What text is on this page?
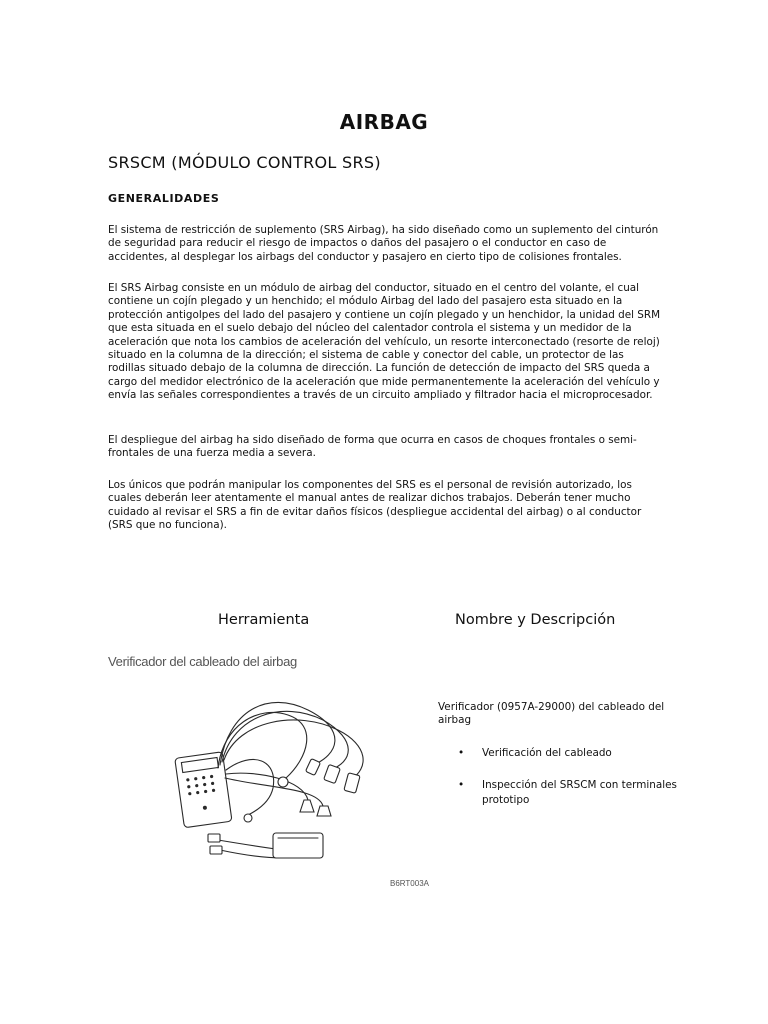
AIRBAG
SRSCM (MÓDULO CONTROL SRS)
GENERALIDADES

El sistema de restricción de suplemento (SRS Airbag), ha sido diseñado como un suplemento del cinturón de seguridad para reducir el riesgo de impactos o daños del pasajero o el conductor en caso de accidentes, al desplegar los airbags del conductor y pasajero en cierto tipo de colisiones frontales.

El SRS Airbag consiste en un módulo de airbag del conductor, situado en el centro del volante, el cual contiene un cojín plegado y un henchido; el módulo Airbag del lado del pasajero esta situado en la protección antigolpes del lado del pasajero y contiene un cojín plegado y un henchidor, la unidad del SRM que esta situada en el suelo debajo del núcleo del calentador controla el sistema y un medidor de la aceleración que nota los cambios de aceleración del vehículo, un resorte interconectado (resorte de reloj) situado en la columna de la dirección; el sistema de cable y conector del cable, un protector de las rodillas situado debajo de la columna de dirección. La función de detección de impacto del SRS queda a cargo del medidor electrónico de la aceleración que mide permanentemente la aceleración del vehículo y envía las señales correspondientes a través de un circuito ampliado y filtrador hacia el microprocesador.

El despliegue del airbag ha sido diseñado de forma que ocurra en casos de choques frontales o semi-frontales de una fuerza media a severa.

Los únicos que podrán manipular los componentes del SRS es el personal de revisión autorizado, los cuales deberán leer atentamente el manual antes de realizar dichos trabajos. Deberán tener mucho cuidado al revisar el SRS a fin de evitar daños físicos (despliegue accidental del airbag) o al conductor (SRS que no funciona).

Herramienta	Nombre y Descripción
Verificador del cableado del airbag
B6RT003A

Verificador (0957A-29000) del cableado del airbag

• Verificación del cableado
• Inspección del SRSCM con terminales prototipo
